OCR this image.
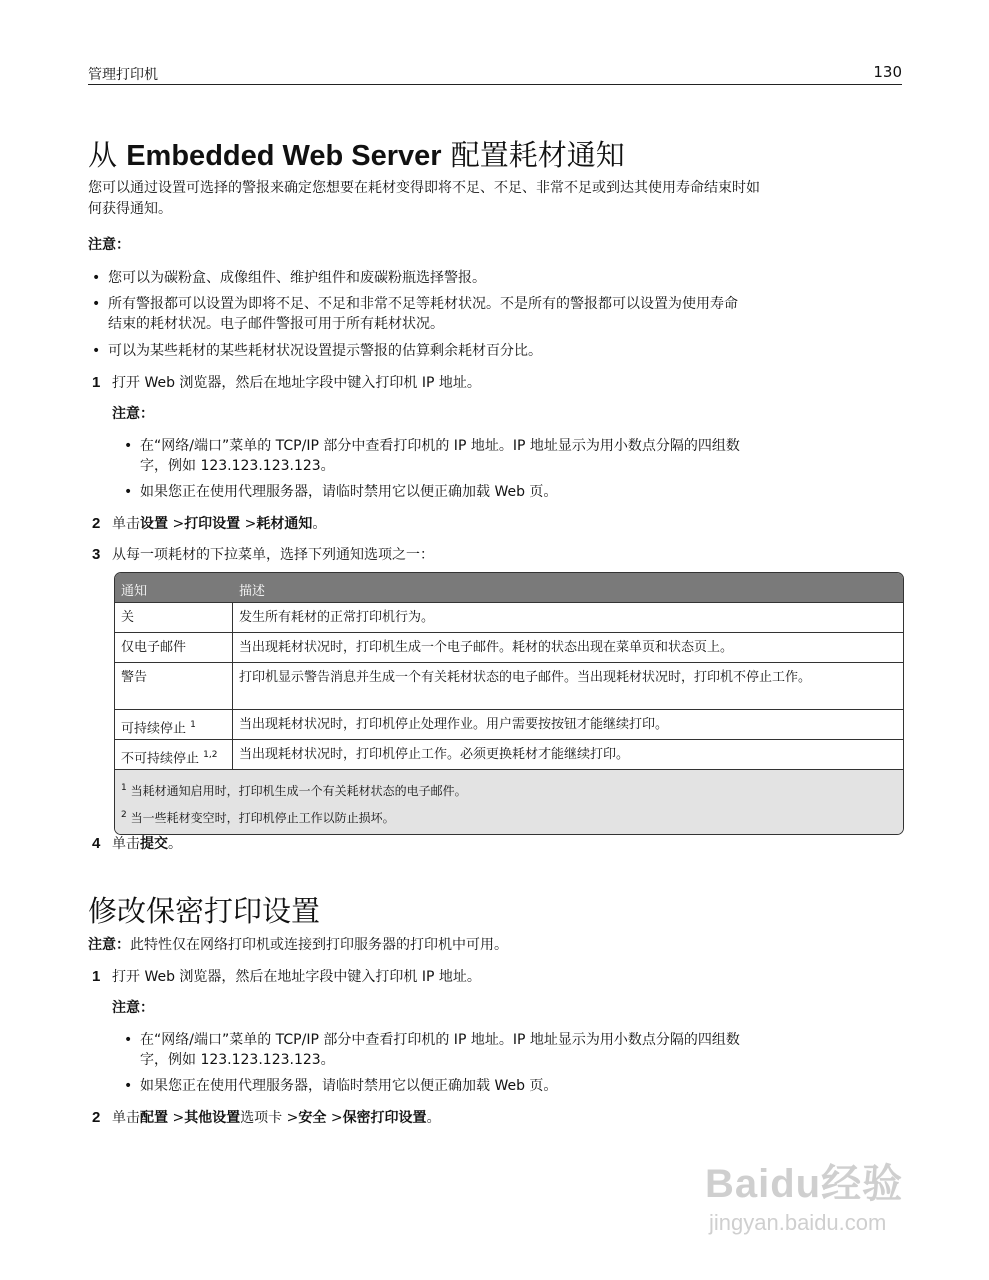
管理打印机	130
从 Embedded Web Server 配置耗材通知

您可以通过设置可选择的警报来确定您想要在耗材变得即将不足、不足、非常不足或到达其使用寿命结束时如

何获得通知。

注意：

• 您可以为碳粉盒、成像组件、维护组件和废碳粉瓶选择警报。
• 所有警报都可以设置为即将不足、不足和非常不足等耗材状况。不是所有的警报都可以设置为使用寿命
结束的耗材状况。电子邮件警报可用于所有耗材状况。
• 可以为某些耗材的某些耗材状况设置提示警报的估算剩余耗材百分比。
1 打开 Web 浏览器，然后在地址字段中键入打印机 IP 地址。

注意：

• 在“网络/端口”菜单的 TCP/IP 部分中查看打印机的 IP 地址。IP 地址显示为用小数点分隔的四组数
字，例如 123.123.123.123。
• 如果您正在使用代理服务器，请临时禁用它以便正确加载 Web 页。
2 单击设置 >打印设置 >耗材通知。
3 从每一项耗材的下拉菜单，选择下列通知选项之一：
通知	描述
关	发生所有耗材的正常打印机行为。
仅电子邮件	当出现耗材状况时，打印机生成一个电子邮件。耗材的状态出现在菜单页和状态页上。
警告	打印机显示警告消息并生成一个有关耗材状态的电子邮件。当出现耗材状况时，打印机不停止工作。
可持续停止 $^1$	当出现耗材状况时，打印机停止处理作业。用户需要按按钮才能继续打印。
不可持续停止 $^{1,2}$	当出现耗材状况时，打印机停止工作。必须更换耗材才能继续打印。
$^1$ 当耗材通知启用时，打印机生成一个有关耗材状态的电子邮件。
$^2$ 当一些耗材变空时，打印机停止工作以防止损坏。
4 单击提交。
修改保密打印设置

注意：此特性仅在网络打印机或连接到打印服务器的打印机中可用。

1 打开 Web 浏览器，然后在地址字段中键入打印机 IP 地址。

注意：

• 在“网络/端口”菜单的 TCP/IP 部分中查看打印机的 IP 地址。IP 地址显示为用小数点分隔的四组数
字，例如 123.123.123.123。
• 如果您正在使用代理服务器，请临时禁用它以便正确加载 Web 页。
2 单击配置 >其他设置选项卡 >安全 >保密打印设置。
Baidu经验
jingyan.baidu.com
